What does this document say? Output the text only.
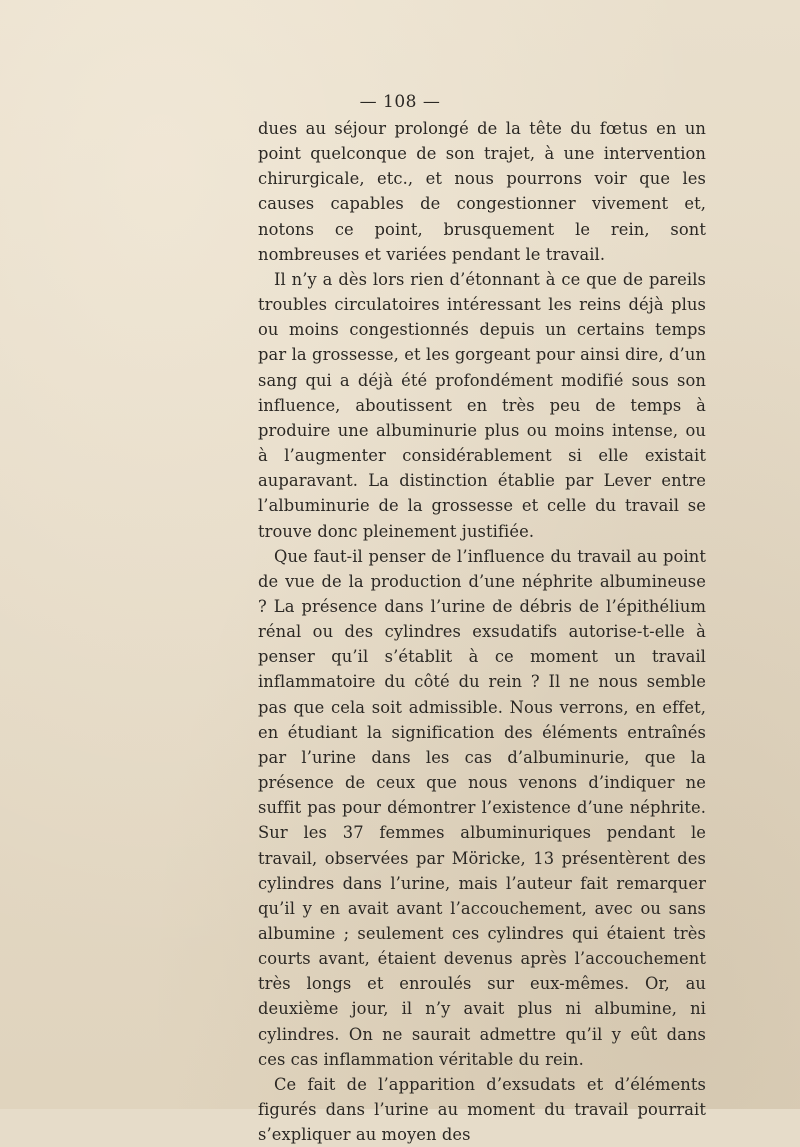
— 108 —

dues au séjour prolongé de la tête du fœtus en un point quelconque de son trajet, à une intervention chirurgicale, etc., et nous pourrons voir que les causes capables de congestionner vivement et, notons ce point, brusquement le rein, sont nombreuses et variées pendant le travail.

Il n’y a dès lors rien d’étonnant à ce que de pareils troubles circulatoires intéressant les reins déjà plus ou moins congestionnés depuis un certains temps par la grossesse, et les gorgeant pour ainsi dire, d’un sang qui a déjà été profondément modifié sous son influence, aboutissent en très peu de temps à produire une albuminurie plus ou moins intense, ou à l’augmenter considérablement si elle existait auparavant. La distinction établie par Lever entre l’albuminurie de la grossesse et celle du travail se trouve donc pleinement justifiée.

Que faut-il penser de l’influence du travail au point de vue de la production d’une néphrite albumineuse ? La présence dans l’urine de débris de l’épithélium rénal ou des cylindres exsudatifs autorise-t-elle à penser qu’il s’établit à ce moment un travail inflammatoire du côté du rein ? Il ne nous semble pas que cela soit admissible. Nous verrons, en effet, en étudiant la signification des éléments entraînés par l’urine dans les cas d’albuminurie, que la présence de ceux que nous venons d’indiquer ne suffit pas pour démontrer l’existence d’une néphrite. Sur les 37 femmes albuminuriques pendant le travail, observées par Möricke, 13 présentèrent des cylindres dans l’urine, mais l’auteur fait remarquer qu’il y en avait avant l’accouchement, avec ou sans albumine ; seulement ces cylindres qui étaient très courts avant, étaient devenus après l’accouchement très longs et enroulés sur eux-mêmes. Or, au deuxième jour, il n’y avait plus ni albumine, ni cylindres. On ne saurait admettre qu’il y eût dans ces cas inflammation véritable du rein.

Ce fait de l’apparition d’exsudats et d’éléments figurés dans l’urine au moment du travail pourrait s’expliquer au moyen des
